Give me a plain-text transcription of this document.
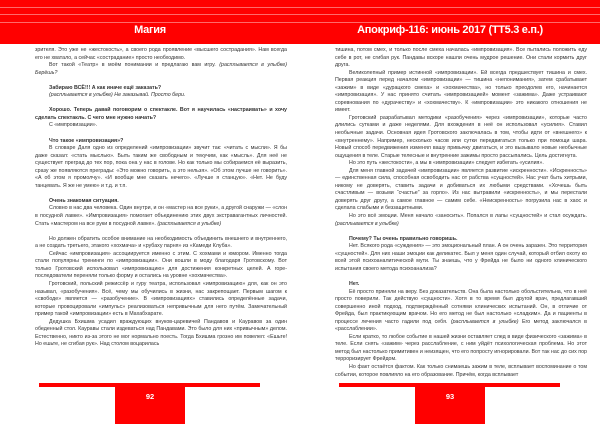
Магия	Апокриф-116: июнь 2017 (ТТ5.3 е.п.)

зрителя. Это уже не «жестокость», а своего рода проявление «высшего сострадания». Нам всегда его не хватало, а сейчас «сострадание» просто необходимо.

Вот такой «Театр» в моём понимании и предлагаю вам игру. (расплывается в улыбке) Берёшь?

Забираю ВСЁ!!! А как иначе ещё заказать?

(расплывается в улыбке) Не заказывай. Просто бери.

Хорошо. Теперь давай поговорим о спектакле. Вот я научилась «настраивать» и хочу сделать спектакль. С чего мне нужно начать?

С «импровизации».

Что такое «импровизация»?

В словаре Даля одно из определений «импровизации» звучит так: «читать с мысли». Я бы даже сказал: «стать мыслью». Быть таким же свободным и текучим, как «мысль». Для неё не существует преград до тех пор, пока она у нас в голове. Но как только мы собираемся её выразить, сразу же появляются преграды: «Это можно говорить, а это нельзя». «Об этом лучше не говорить». «А об этом я промолчу». «И вообще мне сказать нечего». «Лучше я станцую». «Нет. Не буду танцевать. Я же не умею» и т.д. и т.п.

Очень знакомая ситуация.

Словно в нас два человека. Один внутри, и он «мастер на все руки», а другой снаружи — «слон в посудной лавке». «Импровизация» помогает объединению этих двух экстравагантных личностей. Стать «мастером на все руки в посудной лавке». (расплывается в улыбке)

Но должен обратить особое внимание на необходимость объединить внешнего и внутреннего, а не создать третьего, этакого «хохмача» и «рубаху парня» из «Камеди Клуба».

Сейчас «импровизация» ассоциируется именно с этим. С хохмами и юмором. Именно тогда стали популярны тренинги по «импровизации». Они вошли в моду благодаря Гротовскому. Вот только Гротовский использовал «импровизацию» для достижения конкретных целей. А горе-последователи переняли только форму и остались на уровне «хохмачества».

Гротовский, польский режиссёр и гуру театра, использовал «импровизацию» для, как он это называл, «разобучения». Всё, чему мы обучились в жизни, нас закрепощает. Первым шагом к «свободе» является — «разобучение». В «импровизациях» ставились определённые задачи, которые провоцировали «импульс» реализоваться непривычным для него путём. Замечательный пример такой «импровизации» есть в Махабхарате.

Дедушка Бхишма усадил враждующих внуков-царевичей Пандавов и Кауравов за один обеденный стол. Кауравы стали издеваться над Пандавами. Это было для них «привычным» делом. Естественно, никто из-за этого не мог нормально поесть. Тогда Бхишма грозно им повелел: «Ешьте! Но ешьте, не сгибая рук». Над столом воцарилась

тишина, потом смех, и только после смеха началась «импровизация». Все пытались положить еду себе в рот, не сгибая рук. Пандавы вскоре нашли очень мудрое решение. Они стали кормить друг друга.

Великолепный пример истинной «импровизации». Ей всегда предшествует тишина и смех. Первая реакция перед началом «импровизации» — тишина «непонимания», затем срабатывает «зажим» в виде «дурацкого смеха» и «хохмачества», но только преодолев его, начинается «импровизация». У нас принято считать «импровизацией» момент «зажима». Даже устраивают соревнования по «дурачеству» и «хохмачеству». К «импровизации» это никакого отношения не имеет.

Гротовский разрабатывал методики «разобучения» через «импровизации», которые часто длились сутками и даже неделями. Для вхождения в неё он использовал «усилия». Ставил необычные задачи. Основная идея Гротовского заключалась в том, чтобы идти от «внешнего» к «внутреннему». Например, несколько часов или сутки передвигаться только при помощи шара. Новый способ передвижения изменял вашу привычку двигаться, и это вызывало новые необычные ощущения в теле. Старые телесные и внутренние зажимы просто рассыпались. Цель достигнута.

Но это путь «жестокости», а мы в «импровизации» следует избегать «усилия».

Для меня главной задачей «импровизации» является развитие «искренности». «Искренность» — единственная сила, способная освободить нас от рабства «сущностей». Нас учат быть хитрыми, никому не доверять, ставить задачи и добиваться их любыми средствами. «Хочешь быть счастливым — возьми “счастье” за горло». Из нас вытравили «искренность», и мы перестали доверять друг другу, а самое главное — самим себе. «Неискренность» погрузила нас в хаос и сделала слабыми и беззащитными.

Но это всё эмоции. Меня начало «заносить». Попался в лапы «сущностей» и стал осуждать. (расплывается в улыбке)

Почему? Ты очень правильно говоришь.

Нет. Всякого рода «суждения» — это эмоциональный план. А он очень заразен. Это территория «сущностей». Для них наши эмоции как деликатес. Был у меня один случай, который отбил охоту ко всей этой психоаналитической мути. Ты знаешь, что у Фрейда не было ни одного клинического испытания своего метода психоанализа?

Нет.

Её просто приняли на веру. Без доказательств. Она была настолько обольстительна, что в неё просто поверили. Так действую «сущности». Хотя в то время был другой врач, предлагавший совершенно иной подход, подтверждённый сотнями клинических испытаний. Он, в отличие от Фрейда, был практикующим врачом. Но его метод не был настолько «сладким». Да и пациенты в процессе лечения часто гадили под себя. (расплывается в улыбке) Его метод заключался в «расслаблении».

Если кратко, то любое событие в нашей жизни оставляет след в виде физического «зажима» в теле. Если снять «зажим» через расслабление, с ним уйдёт психологическая проблема. Но этот метод был настолько примитивен и неизящен, что его попросту игнорировали. Вот так нас до сих пор терроризирует Фрейдом.

Но факт остаётся фактом. Как только снимаешь зажим в теле, всплывает воспоминание о том событии, которое повлияло на его образование. Причём, когда всплывает

92	93
